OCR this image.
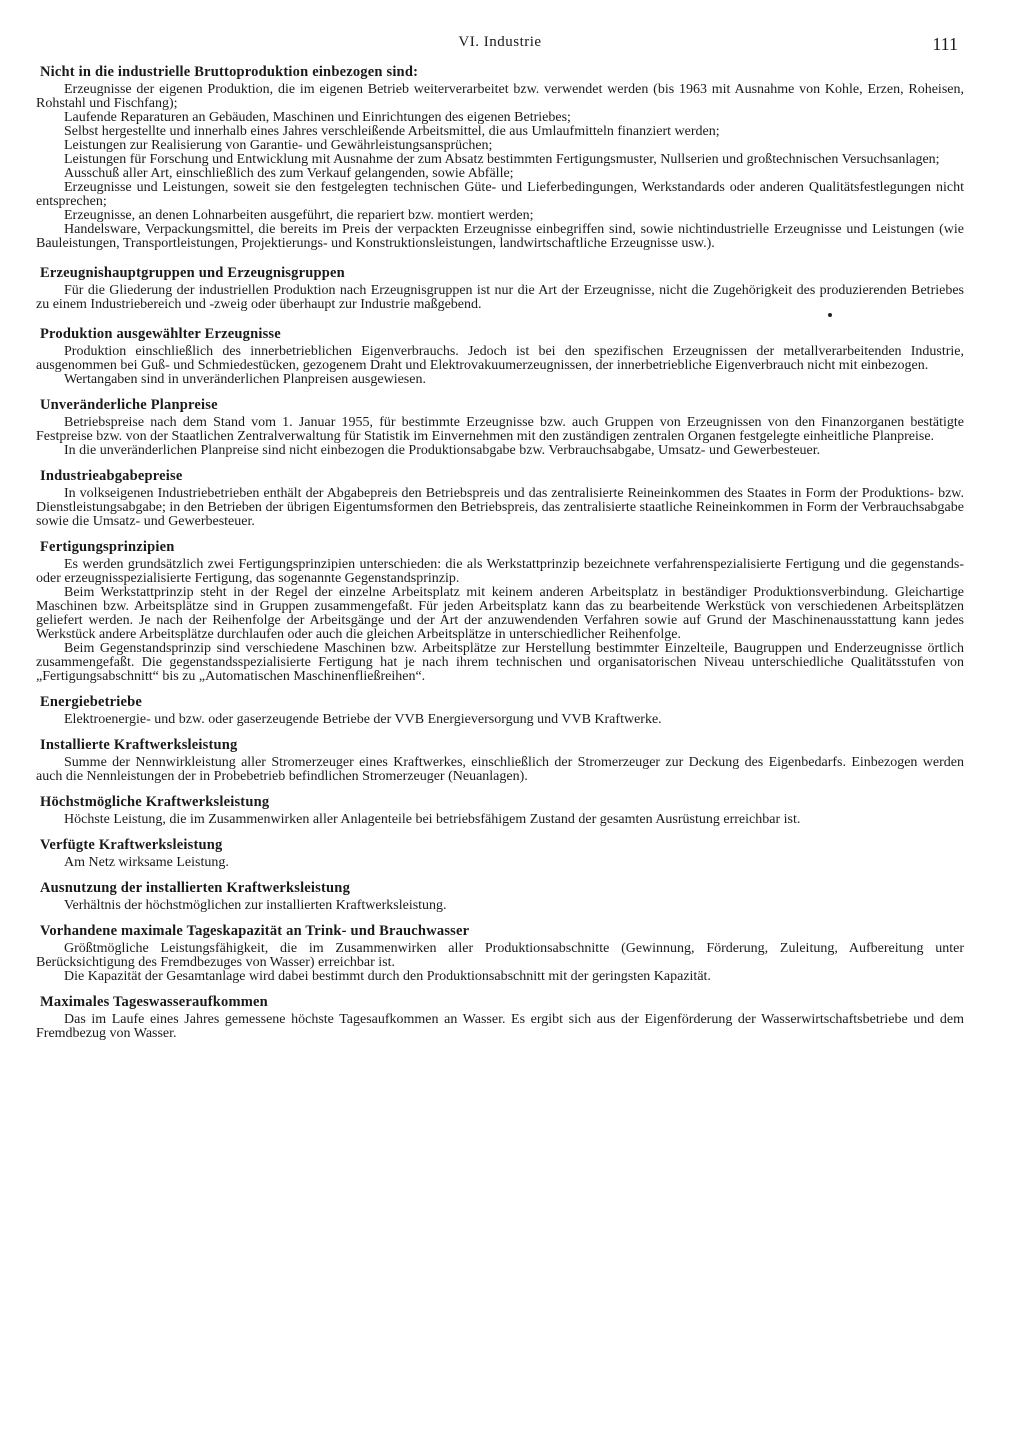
VI. Industrie	111
Nicht in die industrielle Bruttoproduktion einbezogen sind:

Erzeugnisse der eigenen Produktion, die im eigenen Betrieb weiterverarbeitet bzw. verwendet werden (bis 1963 mit Ausnahme von Kohle, Erzen, Roheisen, Rohstahl und Fischfang);

Laufende Reparaturen an Gebäuden, Maschinen und Einrichtungen des eigenen Betriebes;

Selbst hergestellte und innerhalb eines Jahres verschleißende Arbeitsmittel, die aus Umlaufmitteln finanziert werden;

Leistungen zur Realisierung von Garantie- und Gewährleistungsansprüchen;

Leistungen für Forschung und Entwicklung mit Ausnahme der zum Absatz bestimmten Fertigungsmuster, Nullserien und großtechnischen Versuchsanlagen;

Ausschuß aller Art, einschließlich des zum Verkauf gelangenden, sowie Abfälle;

Erzeugnisse und Leistungen, soweit sie den festgelegten technischen Güte- und Lieferbedingungen, Werkstandards oder anderen Qualitätsfestlegungen nicht entsprechen;

Erzeugnisse, an denen Lohnarbeiten ausgeführt, die repariert bzw. montiert werden;

Handelsware, Verpackungsmittel, die bereits im Preis der verpackten Erzeugnisse einbegriffen sind, sowie nichtindustrielle Erzeugnisse und Leistungen (wie Bauleistungen, Transportleistungen, Projektierungs- und Konstruktionsleistungen, landwirtschaftliche Erzeugnisse usw.).

Erzeugnishauptgruppen und Erzeugnisgruppen

Für die Gliederung der industriellen Produktion nach Erzeugnisgruppen ist nur die Art der Erzeugnisse, nicht die Zugehörigkeit des produzierenden Betriebes zu einem Industriebereich und -zweig oder überhaupt zur Industrie maßgebend.

Produktion ausgewählter Erzeugnisse

Produktion einschließlich des innerbetrieblichen Eigenverbrauchs. Jedoch ist bei den spezifischen Erzeugnissen der metallverarbeitenden Industrie, ausgenommen bei Guß- und Schmiedestücken, gezogenem Draht und Elektrovakuumerzeugnissen, der innerbetriebliche Eigenverbrauch nicht mit einbezogen.

Wertangaben sind in unveränderlichen Planpreisen ausgewiesen.

Unveränderliche Planpreise

Betriebspreise nach dem Stand vom 1. Januar 1955, für bestimmte Erzeugnisse bzw. auch Gruppen von Erzeugnissen von den Finanzorganen bestätigte Festpreise bzw. von der Staatlichen Zentralverwaltung für Statistik im Einvernehmen mit den zuständigen zentralen Organen festgelegte einheitliche Planpreise.

In die unveränderlichen Planpreise sind nicht einbezogen die Produktionsabgabe bzw. Verbrauchsabgabe, Umsatz- und Gewerbesteuer.

Industrieabgabepreise

In volkseigenen Industriebetrieben enthält der Abgabepreis den Betriebspreis und das zentralisierte Reineinkommen des Staates in Form der Produktions- bzw. Dienstleistungsabgabe; in den Betrieben der übrigen Eigentumsformen den Betriebspreis, das zentralisierte staatliche Reineinkommen in Form der Verbrauchsabgabe sowie die Umsatz- und Gewerbesteuer.

Fertigungsprinzipien

Es werden grundsätzlich zwei Fertigungsprinzipien unterschieden: die als Werkstattprinzip bezeichnete verfahrenspezialisierte Fertigung und die gegenstands- oder erzeugnisspezialisierte Fertigung, das sogenannte Gegenstandsprinzip.

Beim Werkstattprinzip steht in der Regel der einzelne Arbeitsplatz mit keinem anderen Arbeitsplatz in beständiger Produktionsverbindung. Gleichartige Maschinen bzw. Arbeitsplätze sind in Gruppen zusammengefaßt. Für jeden Arbeitsplatz kann das zu bearbeitende Werkstück von verschiedenen Arbeitsplätzen geliefert werden. Je nach der Reihenfolge der Arbeitsgänge und der Art der anzuwendenden Verfahren sowie auf Grund der Maschinenausstattung kann jedes Werkstück andere Arbeitsplätze durchlaufen oder auch die gleichen Arbeitsplätze in unterschiedlicher Reihenfolge.

Beim Gegenstandsprinzip sind verschiedene Maschinen bzw. Arbeitsplätze zur Herstellung bestimmter Einzelteile, Baugruppen und Enderzeugnisse örtlich zusammengefaßt. Die gegenstandsspezialisierte Fertigung hat je nach ihrem technischen und organisatorischen Niveau unterschiedliche Qualitätsstufen von „Fertigungsabschnitt“ bis zu „Automatischen Maschinenfließreihen“.

Energiebetriebe

Elektroenergie- und bzw. oder gaserzeugende Betriebe der VVB Energieversorgung und VVB Kraftwerke.

Installierte Kraftwerksleistung

Summe der Nennwirkleistung aller Stromerzeuger eines Kraftwerkes, einschließlich der Stromerzeuger zur Deckung des Eigenbedarfs. Einbezogen werden auch die Nennleistungen der in Probebetrieb befindlichen Stromerzeuger (Neuanlagen).

Höchstmögliche Kraftwerksleistung

Höchste Leistung, die im Zusammenwirken aller Anlagenteile bei betriebsfähigem Zustand der gesamten Ausrüstung erreichbar ist.

Verfügte Kraftwerksleistung

Am Netz wirksame Leistung.

Ausnutzung der installierten Kraftwerksleistung

Verhältnis der höchstmöglichen zur installierten Kraftwerksleistung.

Vorhandene maximale Tageskapazität an Trink- und Brauchwasser

Größtmögliche Leistungsfähigkeit, die im Zusammenwirken aller Produktionsabschnitte (Gewinnung, Förderung, Zuleitung, Aufbereitung unter Berücksichtigung des Fremdbezuges von Wasser) erreichbar ist.

Die Kapazität der Gesamtanlage wird dabei bestimmt durch den Produktionsabschnitt mit der geringsten Kapazität.

Maximales Tageswasseraufkommen

Das im Laufe eines Jahres gemessene höchste Tagesaufkommen an Wasser. Es ergibt sich aus der Eigenförderung der Wasserwirtschaftsbetriebe und dem Fremdbezug von Wasser.
